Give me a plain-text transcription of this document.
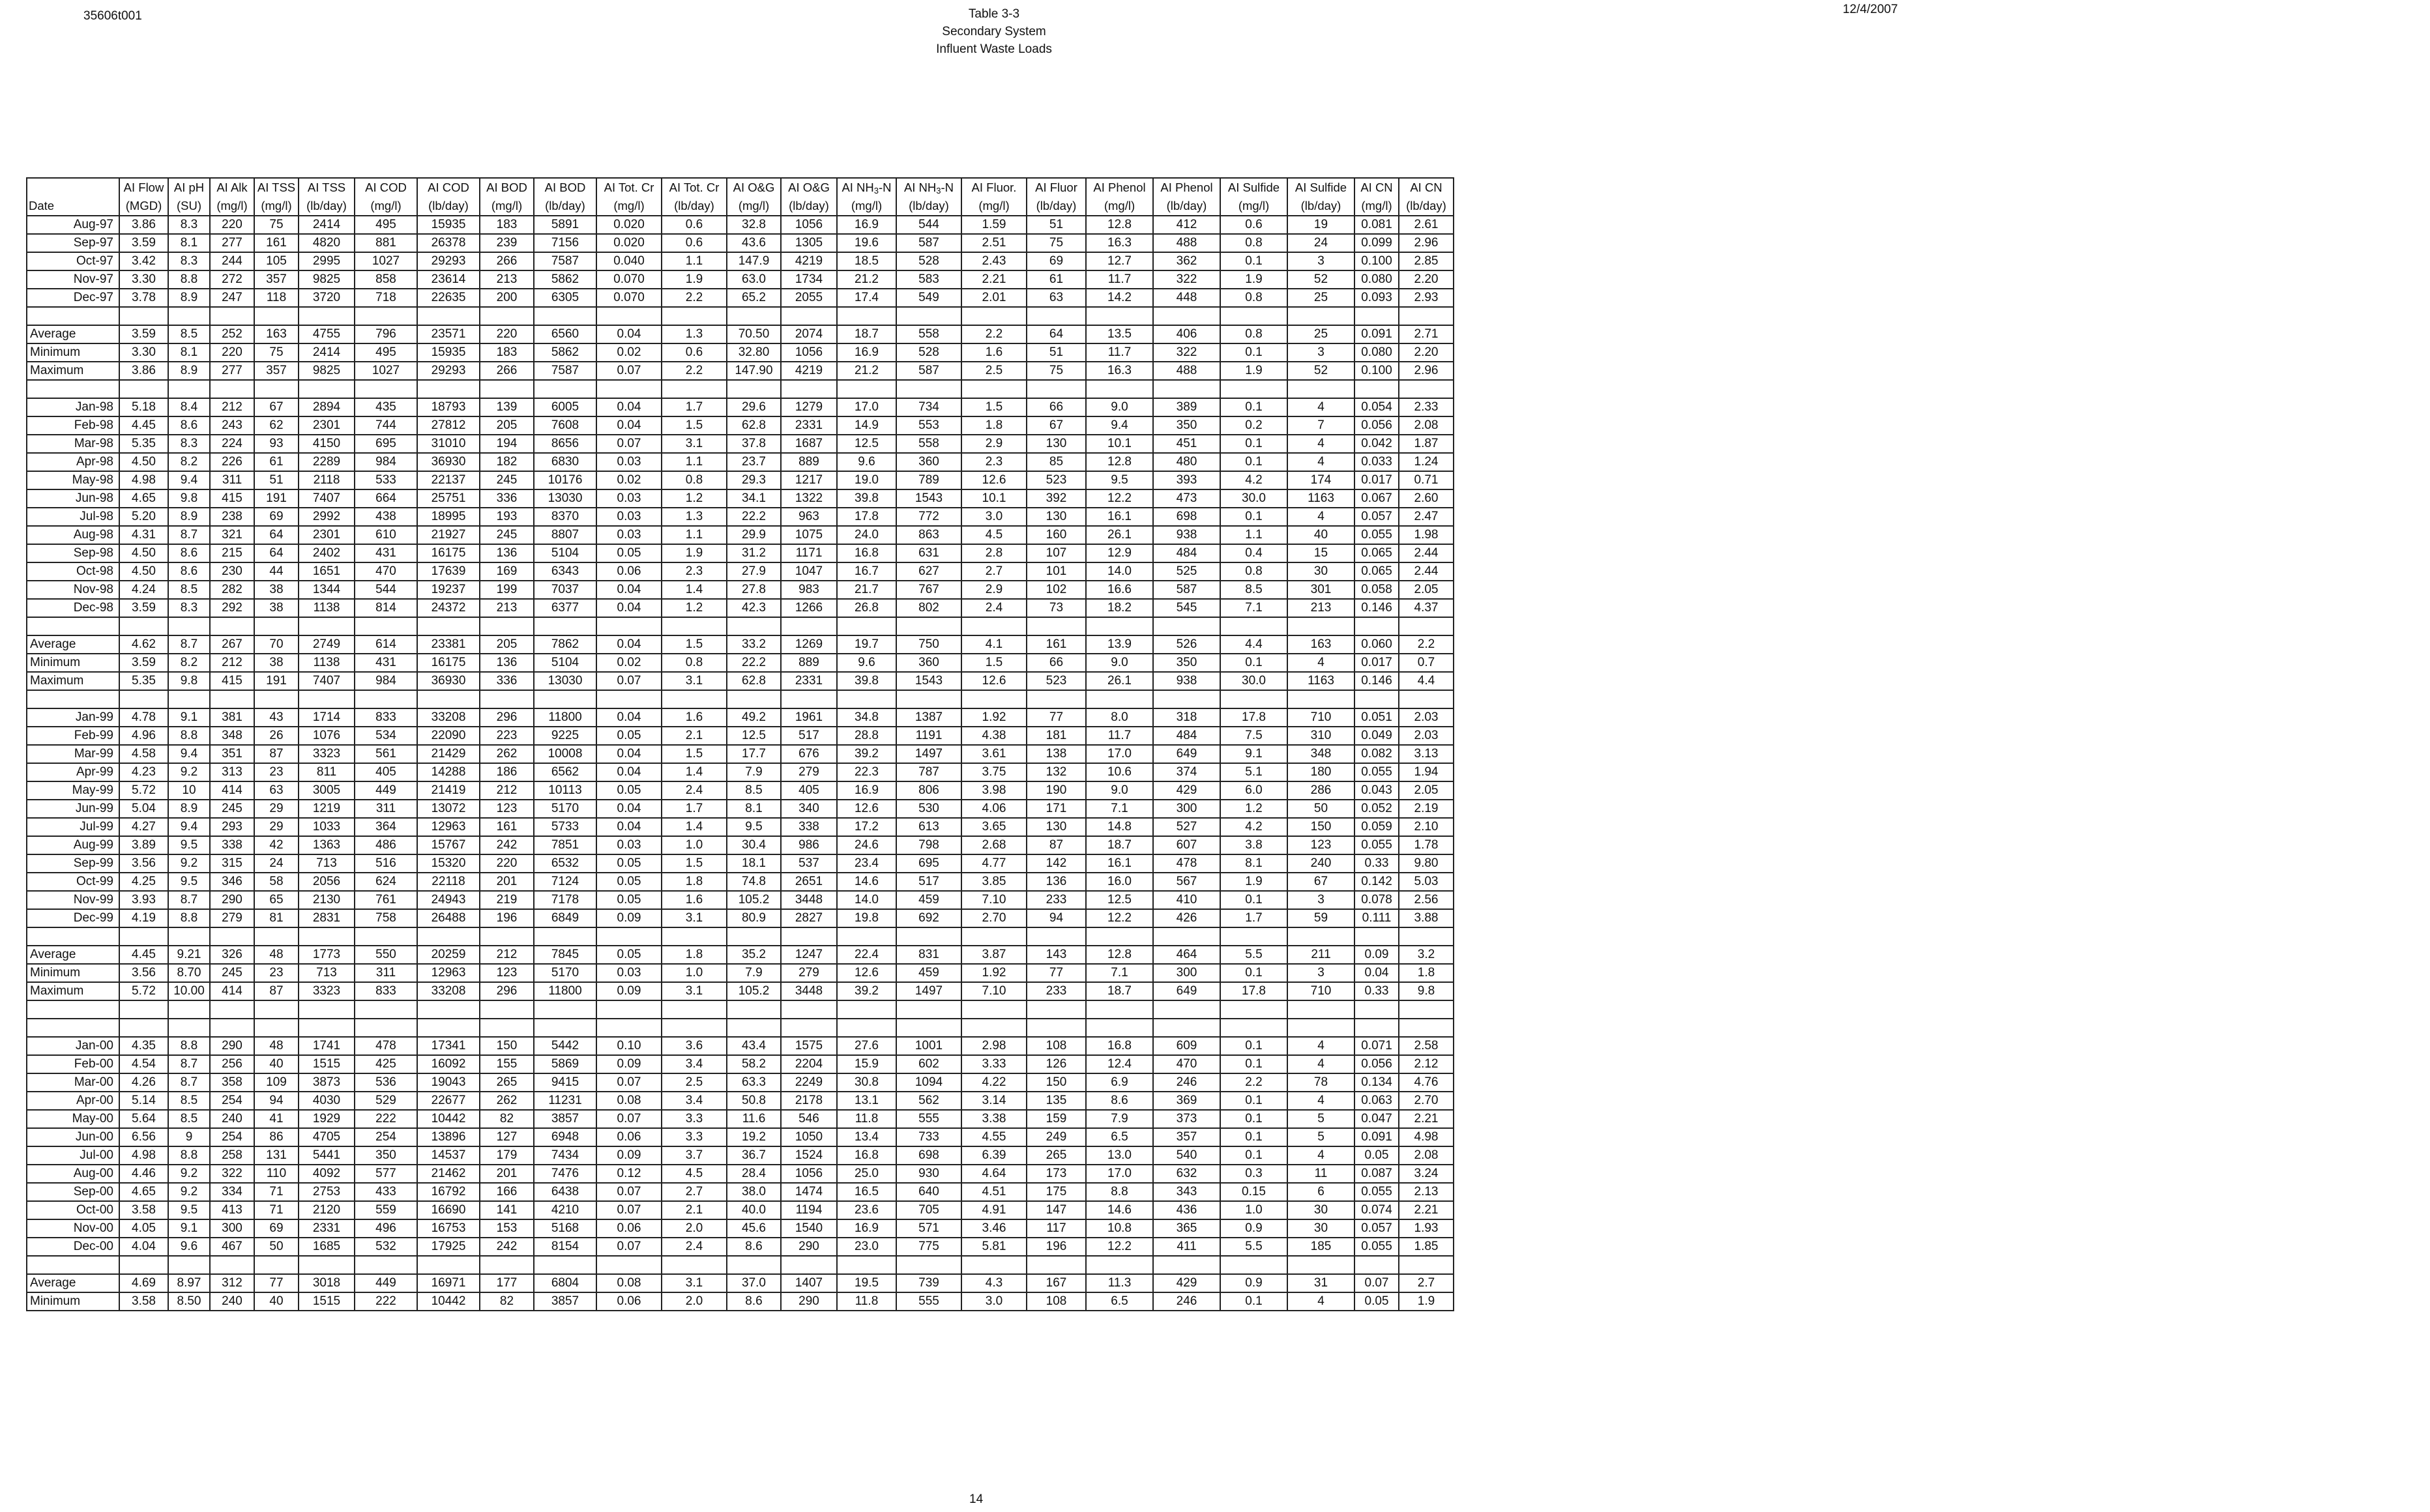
35606t001	Table 3-3
Secondary System
Influent Waste Loads
12/4/2007
	AI Flow	AI pH	AI Alk	AI TSS	AI TSS	AI COD	AI COD	AI BOD	AI BOD	AI Tot. Cr	AI Tot. Cr	AI O&G	AI O&G	AI $NH_3-N$	AI $NH_3-N$	AI Fluor.	AI Fluor	AI Phenol	AI Phenol	AI Sulfide	AI Sulfide	AI CN	AI CN
Date	(MGD)	(SU)	(mg/l)	(mg/l)	(lb/day)	(mg/l)	(lb/day)	(mg/l)	(lb/day)	(mg/l)	(lb/day)	(mg/l)	(lb/day)	(mg/l)	(lb/day)	(mg/l)	(lb/day)	(mg/l)	(lb/day)	(mg/l)	(lb/day)	(mg/l)	(lb/day)
Aug-97	3.86	8.3	220	75	2414	495	15935	183	5891	0.020	0.6	32.8	1056	16.9	544	1.59	51	12.8	412	0.6	19	0.081	2.61
Sep-97	3.59	8.1	277	161	4820	881	26378	239	7156	0.020	0.6	43.6	1305	19.6	587	2.51	75	16.3	488	0.8	24	0.099	2.96
Oct-97	3.42	8.3	244	105	2995	1027	29293	266	7587	0.040	1.1	147.9	4219	18.5	528	2.43	69	12.7	362	0.1	3	0.100	2.85
Nov-97	3.30	8.8	272	357	9825	858	23614	213	5862	0.070	1.9	63.0	1734	21.2	583	2.21	61	11.7	322	1.9	52	0.080	2.20
Dec-97	3.78	8.9	247	118	3720	718	22635	200	6305	0.070	2.2	65.2	2055	17.4	549	2.01	63	14.2	448	0.8	25	0.093	2.93

Average	3.59	8.5	252	163	4755	796	23571	220	6560	0.04	1.3	70.50	2074	18.7	558	2.2	64	13.5	406	0.8	25	0.091	2.71
Minimum	3.30	8.1	220	75	2414	495	15935	183	5862	0.02	0.6	32.80	1056	16.9	528	1.6	51	11.7	322	0.1	3	0.080	2.20
Maximum	3.86	8.9	277	357	9825	1027	29293	266	7587	0.07	2.2	147.90	4219	21.2	587	2.5	75	16.3	488	1.9	52	0.100	2.96

Jan-98	5.18	8.4	212	67	2894	435	18793	139	6005	0.04	1.7	29.6	1279	17.0	734	1.5	66	9.0	389	0.1	4	0.054	2.33
Feb-98	4.45	8.6	243	62	2301	744	27812	205	7608	0.04	1.5	62.8	2331	14.9	553	1.8	67	9.4	350	0.2	7	0.056	2.08
Mar-98	5.35	8.3	224	93	4150	695	31010	194	8656	0.07	3.1	37.8	1687	12.5	558	2.9	130	10.1	451	0.1	4	0.042	1.87
Apr-98	4.50	8.2	226	61	2289	984	36930	182	6830	0.03	1.1	23.7	889	9.6	360	2.3	85	12.8	480	0.1	4	0.033	1.24
May-98	4.98	9.4	311	51	2118	533	22137	245	10176	0.02	0.8	29.3	1217	19.0	789	12.6	523	9.5	393	4.2	174	0.017	0.71
Jun-98	4.65	9.8	415	191	7407	664	25751	336	13030	0.03	1.2	34.1	1322	39.8	1543	10.1	392	12.2	473	30.0	1163	0.067	2.60
Jul-98	5.20	8.9	238	69	2992	438	18995	193	8370	0.03	1.3	22.2	963	17.8	772	3.0	130	16.1	698	0.1	4	0.057	2.47
Aug-98	4.31	8.7	321	64	2301	610	21927	245	8807	0.03	1.1	29.9	1075	24.0	863	4.5	160	26.1	938	1.1	40	0.055	1.98
Sep-98	4.50	8.6	215	64	2402	431	16175	136	5104	0.05	1.9	31.2	1171	16.8	631	2.8	107	12.9	484	0.4	15	0.065	2.44
Oct-98	4.50	8.6	230	44	1651	470	17639	169	6343	0.06	2.3	27.9	1047	16.7	627	2.7	101	14.0	525	0.8	30	0.065	2.44
Nov-98	4.24	8.5	282	38	1344	544	19237	199	7037	0.04	1.4	27.8	983	21.7	767	2.9	102	16.6	587	8.5	301	0.058	2.05
Dec-98	3.59	8.3	292	38	1138	814	24372	213	6377	0.04	1.2	42.3	1266	26.8	802	2.4	73	18.2	545	7.1	213	0.146	4.37

Average	4.62	8.7	267	70	2749	614	23381	205	7862	0.04	1.5	33.2	1269	19.7	750	4.1	161	13.9	526	4.4	163	0.060	2.2
Minimum	3.59	8.2	212	38	1138	431	16175	136	5104	0.02	0.8	22.2	889	9.6	360	1.5	66	9.0	350	0.1	4	0.017	0.7
Maximum	5.35	9.8	415	191	7407	984	36930	336	13030	0.07	3.1	62.8	2331	39.8	1543	12.6	523	26.1	938	30.0	1163	0.146	4.4

Jan-99	4.78	9.1	381	43	1714	833	33208	296	11800	0.04	1.6	49.2	1961	34.8	1387	1.92	77	8.0	318	17.8	710	0.051	2.03
Feb-99	4.96	8.8	348	26	1076	534	22090	223	9225	0.05	2.1	12.5	517	28.8	1191	4.38	181	11.7	484	7.5	310	0.049	2.03
Mar-99	4.58	9.4	351	87	3323	561	21429	262	10008	0.04	1.5	17.7	676	39.2	1497	3.61	138	17.0	649	9.1	348	0.082	3.13
Apr-99	4.23	9.2	313	23	811	405	14288	186	6562	0.04	1.4	7.9	279	22.3	787	3.75	132	10.6	374	5.1	180	0.055	1.94
May-99	5.72	10	414	63	3005	449	21419	212	10113	0.05	2.4	8.5	405	16.9	806	3.98	190	9.0	429	6.0	286	0.043	2.05
Jun-99	5.04	8.9	245	29	1219	311	13072	123	5170	0.04	1.7	8.1	340	12.6	530	4.06	171	7.1	300	1.2	50	0.052	2.19
Jul-99	4.27	9.4	293	29	1033	364	12963	161	5733	0.04	1.4	9.5	338	17.2	613	3.65	130	14.8	527	4.2	150	0.059	2.10
Aug-99	3.89	9.5	338	42	1363	486	15767	242	7851	0.03	1.0	30.4	986	24.6	798	2.68	87	18.7	607	3.8	123	0.055	1.78
Sep-99	3.56	9.2	315	24	713	516	15320	220	6532	0.05	1.5	18.1	537	23.4	695	4.77	142	16.1	478	8.1	240	0.33	9.80
Oct-99	4.25	9.5	346	58	2056	624	22118	201	7124	0.05	1.8	74.8	2651	14.6	517	3.85	136	16.0	567	1.9	67	0.142	5.03
Nov-99	3.93	8.7	290	65	2130	761	24943	219	7178	0.05	1.6	105.2	3448	14.0	459	7.10	233	12.5	410	0.1	3	0.078	2.56
Dec-99	4.19	8.8	279	81	2831	758	26488	196	6849	0.09	3.1	80.9	2827	19.8	692	2.70	94	12.2	426	1.7	59	0.111	3.88

Average	4.45	9.21	326	48	1773	550	20259	212	7845	0.05	1.8	35.2	1247	22.4	831	3.87	143	12.8	464	5.5	211	0.09	3.2
Minimum	3.56	8.70	245	23	713	311	12963	123	5170	0.03	1.0	7.9	279	12.6	459	1.92	77	7.1	300	0.1	3	0.04	1.8
Maximum	5.72	10.00	414	87	3323	833	33208	296	11800	0.09	3.1	105.2	3448	39.2	1497	7.10	233	18.7	649	17.8	710	0.33	9.8

Jan-00	4.35	8.8	290	48	1741	478	17341	150	5442	0.10	3.6	43.4	1575	27.6	1001	2.98	108	16.8	609	0.1	4	0.071	2.58
Feb-00	4.54	8.7	256	40	1515	425	16092	155	5869	0.09	3.4	58.2	2204	15.9	602	3.33	126	12.4	470	0.1	4	0.056	2.12
Mar-00	4.26	8.7	358	109	3873	536	19043	265	9415	0.07	2.5	63.3	2249	30.8	1094	4.22	150	6.9	246	2.2	78	0.134	4.76
Apr-00	5.14	8.5	254	94	4030	529	22677	262	11231	0.08	3.4	50.8	2178	13.1	562	3.14	135	8.6	369	0.1	4	0.063	2.70
May-00	5.64	8.5	240	41	1929	222	10442	82	3857	0.07	3.3	11.6	546	11.8	555	3.38	159	7.9	373	0.1	5	0.047	2.21
Jun-00	6.56	9	254	86	4705	254	13896	127	6948	0.06	3.3	19.2	1050	13.4	733	4.55	249	6.5	357	0.1	5	0.091	4.98
Jul-00	4.98	8.8	258	131	5441	350	14537	179	7434	0.09	3.7	36.7	1524	16.8	698	6.39	265	13.0	540	0.1	4	0.05	2.08
Aug-00	4.46	9.2	322	110	4092	577	21462	201	7476	0.12	4.5	28.4	1056	25.0	930	4.64	173	17.0	632	0.3	11	0.087	3.24
Sep-00	4.65	9.2	334	71	2753	433	16792	166	6438	0.07	2.7	38.0	1474	16.5	640	4.51	175	8.8	343	0.15	6	0.055	2.13
Oct-00	3.58	9.5	413	71	2120	559	16690	141	4210	0.07	2.1	40.0	1194	23.6	705	4.91	147	14.6	436	1.0	30	0.074	2.21
Nov-00	4.05	9.1	300	69	2331	496	16753	153	5168	0.06	2.0	45.6	1540	16.9	571	3.46	117	10.8	365	0.9	30	0.057	1.93
Dec-00	4.04	9.6	467	50	1685	532	17925	242	8154	0.07	2.4	8.6	290	23.0	775	5.81	196	12.2	411	5.5	185	0.055	1.85

Average	4.69	8.97	312	77	3018	449	16971	177	6804	0.08	3.1	37.0	1407	19.5	739	4.3	167	11.3	429	0.9	31	0.07	2.7
Minimum	3.58	8.50	240	40	1515	222	10442	82	3857	0.06	2.0	8.6	290	11.8	555	3.0	108	6.5	246	0.1	4	0.05	1.9
14
